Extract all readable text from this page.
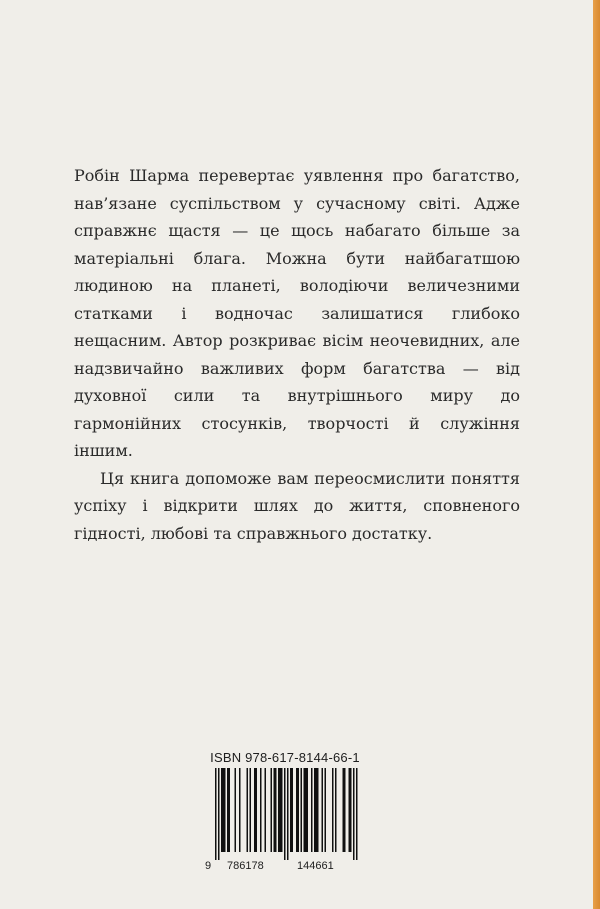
Робін Шарма перевертає уявлення про багатство, нав’язане суспільством у сучасному світі. Адже справжнє щастя — це щось набагато більше за матеріальні блага. Можна бути найбагатшою людиною на планеті, володіючи величезними статками і водночас залишатися глибоко нещасним. Автор розкриває вісім неочевидних, але надзвичайно важливих форм багатства — від духовної сили та внутрішнього миру до гармонійних стосунків, творчості й служіння іншим.

Ця книга допоможе вам переосмислити поняття успіху і відкрити шлях до життя, сповненого гідності, любові та справжнього достатку.

ISBN 978-617-8144-66-1
9 786178	144661
